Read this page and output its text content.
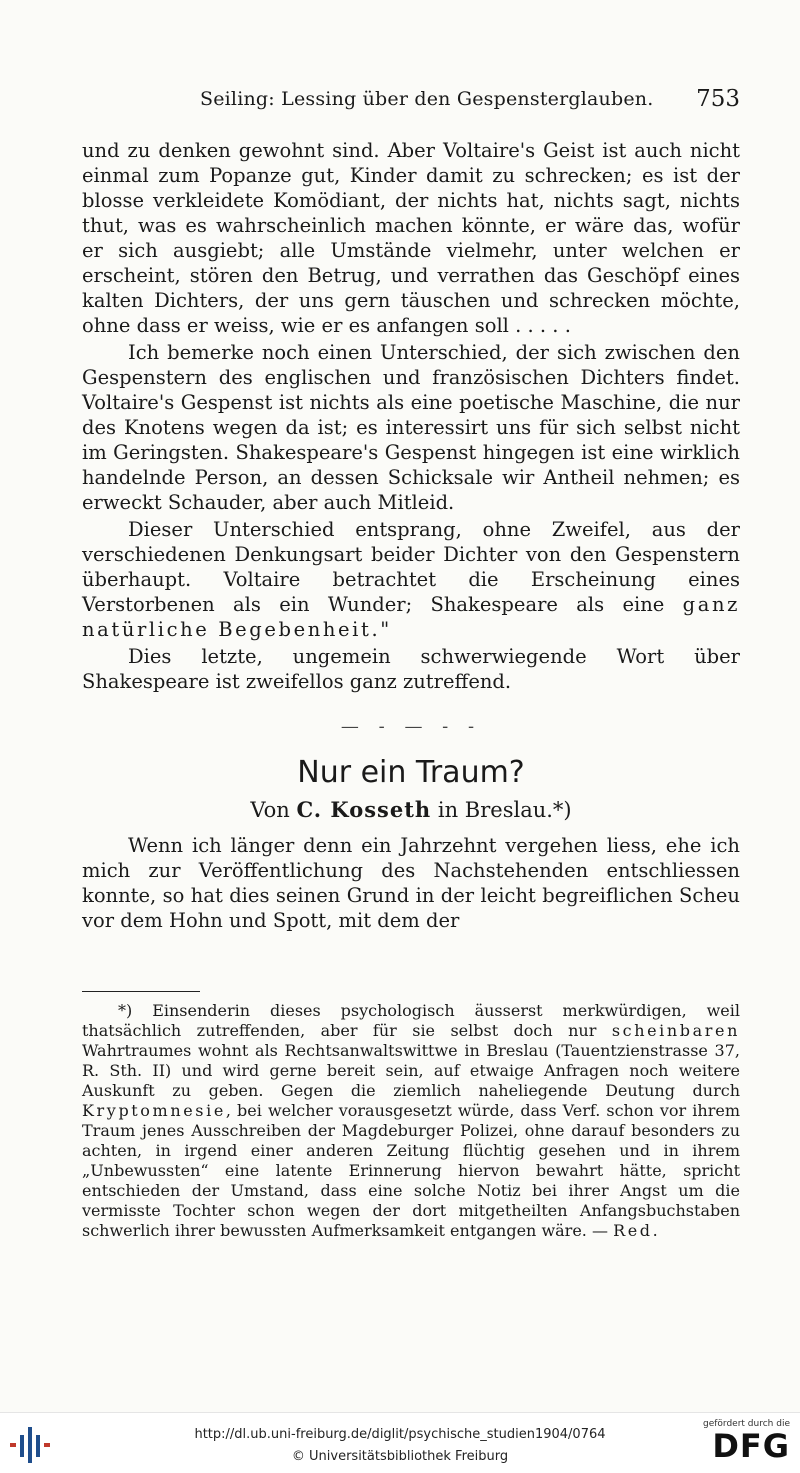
Seiling: Lessing über den Gespensterglauben. 753

und zu denken gewohnt sind. Aber Voltaire's Geist ist auch nicht einmal zum Popanze gut, Kinder damit zu schrecken; es ist der blosse verkleidete Komödiant, der nichts hat, nichts sagt, nichts thut, was es wahrscheinlich machen könnte, er wäre das, wofür er sich ausgiebt; alle Umstände vielmehr, unter welchen er erscheint, stören den Betrug, und verrathen das Geschöpf eines kalten Dichters, der uns gern täuschen und schrecken möchte, ohne dass er weiss, wie er es anfangen soll . . . . .

Ich bemerke noch einen Unterschied, der sich zwischen den Gespenstern des englischen und französischen Dichters findet. Voltaire's Gespenst ist nichts als eine poetische Maschine, die nur des Knotens wegen da ist; es interessirt uns für sich selbst nicht im Geringsten. Shakespeare's Gespenst hingegen ist eine wirklich handelnde Person, an dessen Schicksale wir Antheil nehmen; es erweckt Schauder, aber auch Mitleid.

Dieser Unterschied entsprang, ohne Zweifel, aus der verschiedenen Denkungsart beider Dichter von den Gespenstern überhaupt. Voltaire betrachtet die Erscheinung eines Verstorbenen als ein Wunder; Shakespeare als eine ganz natürliche Begebenheit."

Dies letzte, ungemein schwerwiegende Wort über Shakespeare ist zweifellos ganz zutreffend.

— - — - -
Nur ein Traum?
Von C. Kosseth in Breslau.*)

Wenn ich länger denn ein Jahrzehnt vergehen liess, ehe ich mich zur Veröffentlichung des Nachstehenden entschliessen konnte, so hat dies seinen Grund in der leicht begreiflichen Scheu vor dem Hohn und Spott, mit dem der

*) Einsenderin dieses psychologisch äusserst merkwürdigen, weil thatsächlich zutreffenden, aber für sie selbst doch nur scheinbaren Wahrtraumes wohnt als Rechtsanwaltswittwe in Breslau (Tauentzienstrasse 37, R. Sth. II) und wird gerne bereit sein, auf etwaige Anfragen noch weitere Auskunft zu geben. Gegen die ziemlich naheliegende Deutung durch Kryptomnesie, bei welcher vorausgesetzt würde, dass Verf. schon vor ihrem Traum jenes Ausschreiben der Magdeburger Polizei, ohne darauf besonders zu achten, in irgend einer anderen Zeitung flüchtig gesehen und in ihrem „Unbewussten“ eine latente Erinnerung hiervon bewahrt hätte, spricht entschieden der Umstand, dass eine solche Notiz bei ihrer Angst um die vermisste Tochter schon wegen der dort mitgetheilten Anfangsbuchstaben schwerlich ihrer bewussten Aufmerksamkeit entgangen wäre. — Red.

http://dl.ub.uni-freiburg.de/diglit/psychische_studien1904/0764
© Universitätsbibliothek Freiburg
gefördert durch die
DFG
